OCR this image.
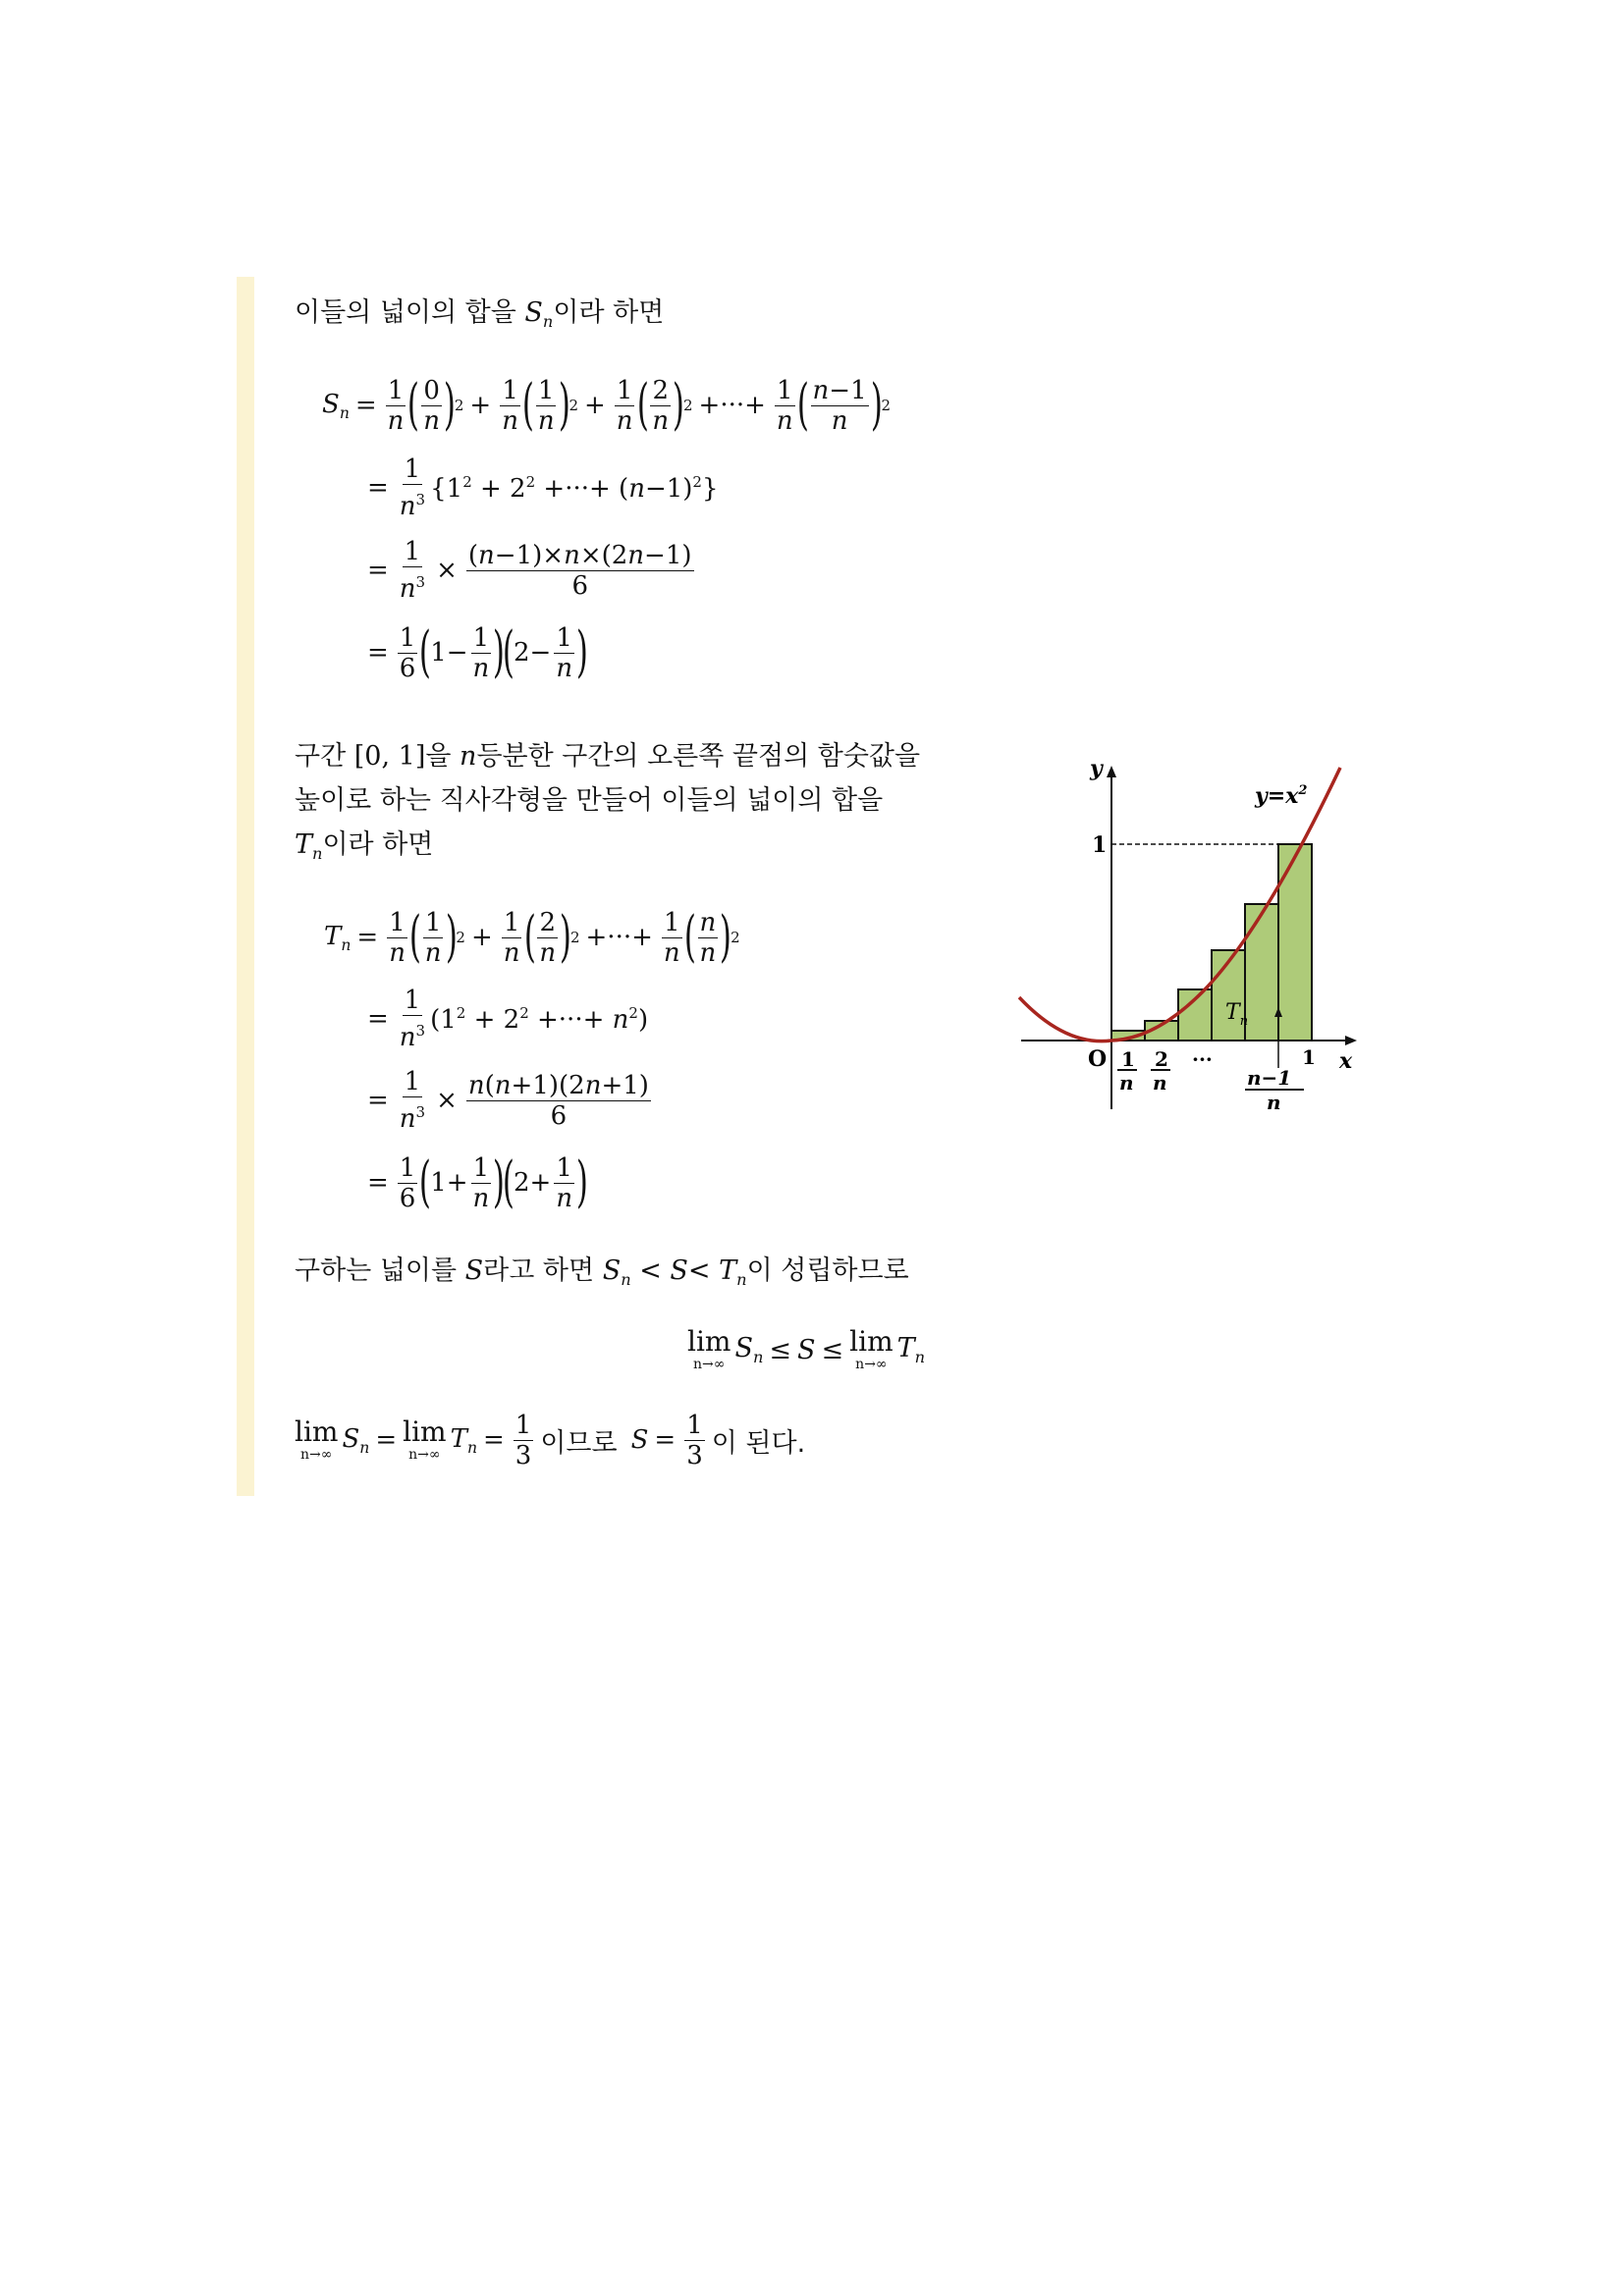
이들의 넓이의 합을 $S_n$이라 하면
$S_n = \frac{1}{n}$ ( $\frac{0}{n}$ )
$2 + \frac{1}{n}$ ( $\frac{1}{n}$ )
$2 + \frac{1}{n}$ ( $\frac{2}{n}$ )
2 +···+ $\frac{1}{n}$ ( $\frac{n-1}{n}$ )
2
= $\frac{1}{n^3} \{1^2 + 2^2$ +···+ $(n-1)^2$}
= $\frac{1}{n^3} \times \frac{(n-1)\times n\times(2n-1)}{6}$
= $\frac{1}{6}$ (
$1- \frac{1}{n}$ )
(
$2- \frac{1}{n}$ )
구간 [0, 1]을 n등분한 구간의 오른쪽 끝점의 함숫값을
높이로 하는 직사각형을 만들어 이들의 넓이의 합을
$T_n$이라 하면
$T_n = \frac{1}{n}$ ( $\frac{1}{n}$ )
$2 + \frac{1}{n}$ ( $\frac{2}{n}$ )
2 +···+ $\frac{1}{n}$ ( $\frac{n}{n}$ )
2
= $\frac{1}{n^3} (1^2 + 2^2$ +···+ $n^2$)
= $\frac{1}{n^3} \times \frac{n(n+1)(2n+1)}{6}$
= $\frac{1}{6}$ (
$1+ \frac{1}{n}$ )
(
$2+ \frac{1}{n}$ )
구하는 넓이를 S라고 하면 $S_n < S< T_n$이 성립하므로
lim
n→∞
$S_n \le S \le \lim$
n→∞
$T_n$
lim
n→∞
$S_n = \lim$
n→∞
$T_n = \frac{1}{3}$ 이므로 $S = \frac{1}{3}$ 이 된다.
y
x
$y=x^2$
1
O 1
n
2
n
···
n−1
n
1
$T_n$
